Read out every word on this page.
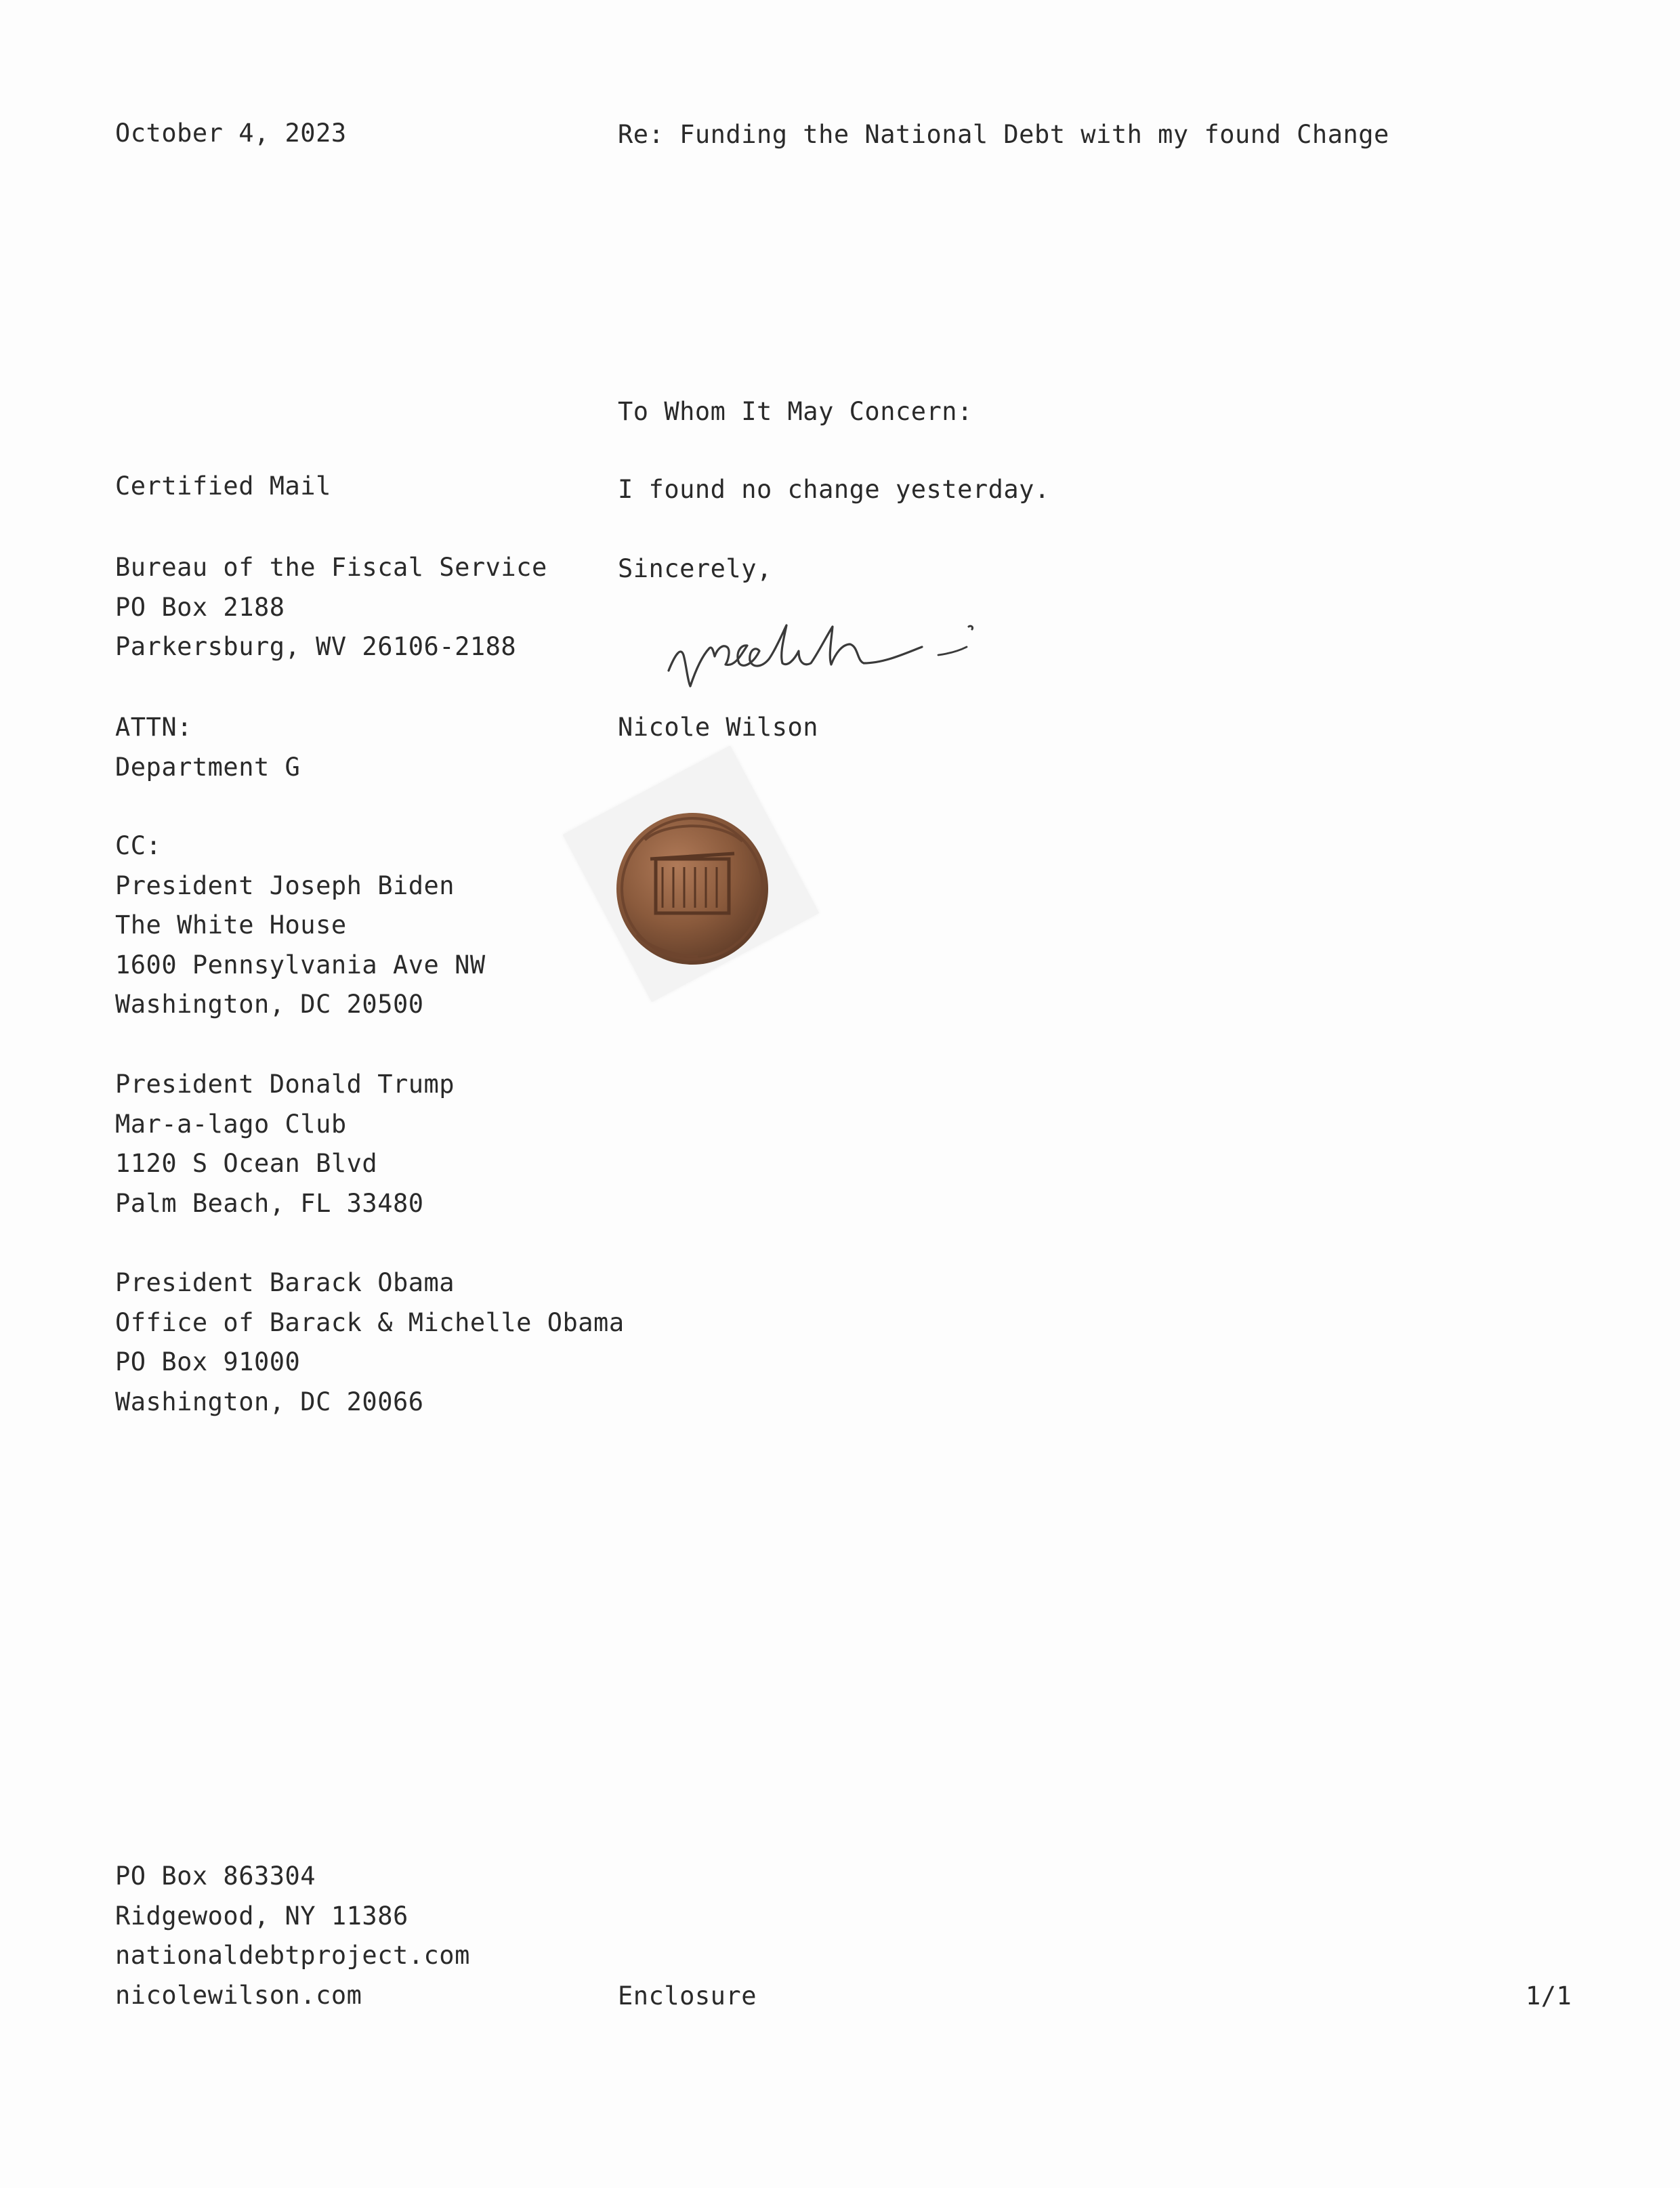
October 4, 2023	Re: Funding the National Debt with my found Change
To Whom It May Concern:
I found no change yesterday.
Sincerely,
Nicole Wilson
Certified Mail
Bureau of the Fiscal Service
PO Box 2188
Parkersburg, WV 26106-2188
ATTN:
Department G
CC:
President Joseph Biden
The White House
1600 Pennsylvania Ave NW
Washington, DC 20500
President Donald Trump
Mar-a-lago Club
1120 S Ocean Blvd
Palm Beach, FL 33480
President Barack Obama
Office of Barack & Michelle Obama
PO Box 91000
Washington, DC 20066
PO Box 863304
Ridgewood, NY 11386
nationaldebtproject.com
nicolewilson.com	Enclosure	1/1
